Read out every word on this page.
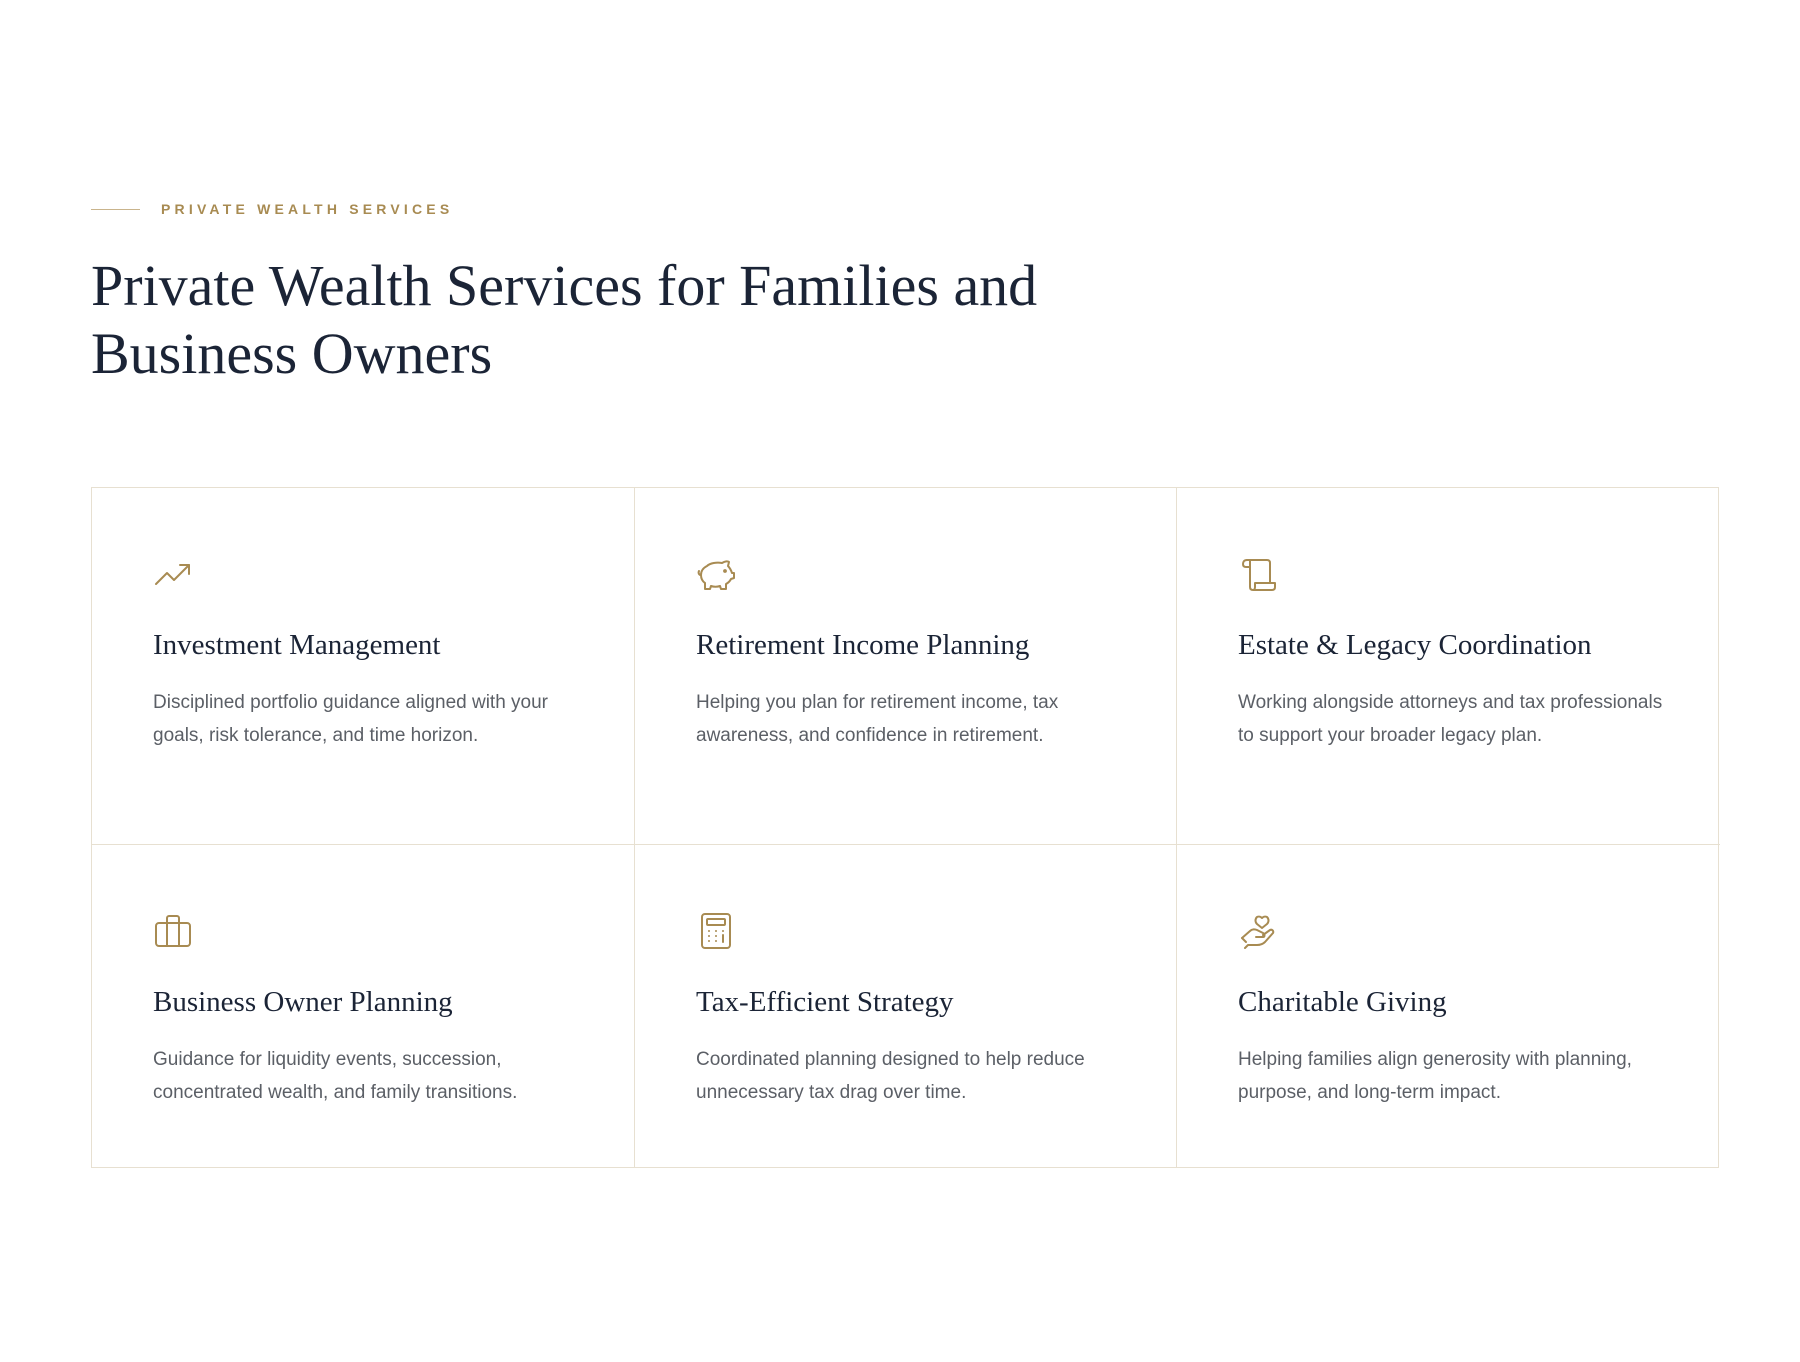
PRIVATE WEALTH SERVICES
Private Wealth Services for Families and Business Owners
Investment Management

Disciplined portfolio guidance aligned with your goals, risk tolerance, and time horizon.

Retirement Income Planning

Helping you plan for retirement income, tax awareness, and confidence in retirement.

Estate & Legacy Coordination

Working alongside attorneys and tax professionals to support your broader legacy plan.

Business Owner Planning

Guidance for liquidity events, succession, concentrated wealth, and family transitions.

Tax-Efficient Strategy

Coordinated planning designed to help reduce unnecessary tax drag over time.

Charitable Giving

Helping families align generosity with planning, purpose, and long-term impact.
